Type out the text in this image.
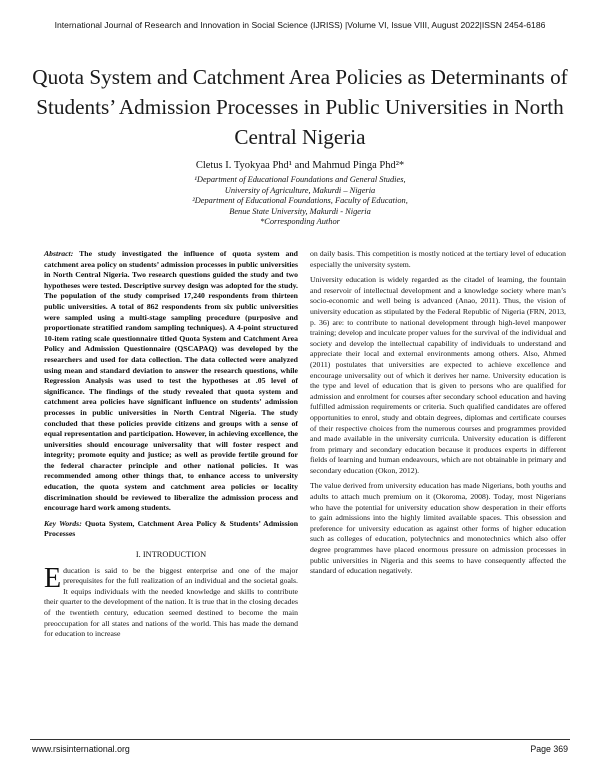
International Journal of Research and Innovation in Social Science (IJRISS) |Volume VI, Issue VIII, August 2022|ISSN 2454-6186
Quota System and Catchment Area Policies as Determinants of Students’ Admission Processes in Public Universities in North Central Nigeria
Cletus I. Tyokyaa Phd¹ and Mahmud Pinga Phd²*
¹Department of Educational Foundations and General Studies,
University of Agriculture, Makurdi – Nigeria
²Department of Educational Foundations, Faculty of Education,
Benue State University, Makurdi - Nigeria
*Corresponding Author

Abstract: The study investigated the influence of quota system and catchment area policy on students’ admission processes in public universities in North Central Nigeria. Two research questions guided the study and two hypotheses were tested. Descriptive survey design was adopted for the study. The population of the study comprised 17,240 respondents from thirteen public universities. A total of 862 respondents from six public universities were sampled using a multi-stage sampling procedure (purposive and proportionate stratified random sampling techniques). A 4-point structured 10-item rating scale questionnaire titled Quota System and Catchment Area Policy and Admission Questionnaire (QSCAPAQ) was developed by the researchers and used for data collection. The data collected were analyzed using mean and standard deviation to answer the research questions, while Regression Analysis was used to test the hypotheses at .05 level of significance. The findings of the study revealed that quota system and catchment area policies have significant influence on students’ admission processes in public universities in North Central Nigeria. The study concluded that these policies provide citizens and groups with a sense of equal representation and participation. However, in achieving excellence, the universities should encourage universality that will foster respect and integrity; promote equity and justice; as well as provide fertile ground for the federal character principle and other national policies. It was recommended among other things that, to enhance access to university education, the quota system and catchment area policies or locality discrimination should be reviewed to liberalize the admission process and encourage hard work among students.

Key Words: Quota System, Catchment Area Policy & Students’ Admission Processes

I. INTRODUCTION

Education is said to be the biggest enterprise and one of the major prerequisites for the full realization of an individual and the societal goals. It equips individuals with the needed knowledge and skills to contribute their quarter to the development of the nation. It is true that in the closing decades of the twentieth century, education seemed destined to become the main preoccupation for all states and nations of the world. This has made the demand for education to increase

on daily basis. This competition is mostly noticed at the tertiary level of education especially the university system.

University education is widely regarded as the citadel of learning, the fountain and reservoir of intellectual development and a knowledge society where man’s socio-economic and well being is advanced (Anao, 2011). Thus, the vision of university education as stipulated by the Federal Republic of Nigeria (FRN, 2013, p. 36) are: to contribute to national development through high-level manpower training; develop and inculcate proper values for the survival of the individual and society and develop the intellectual capability of individuals to understand and appreciate their local and external environments among others. Also, Ahmed (2011) postulates that universities are expected to achieve excellence and encourage universality out of which it derives her name. University education is the type and level of education that is given to persons who are qualified for admission and enrolment for courses after secondary school education and having fulfilled admission requirements or criteria. Such qualified candidates are offered opportunities to enrol, study and obtain degrees, diplomas and certificate courses of their respective choices from the numerous courses and programmes provided and made available in the university curricula. University education is different from primary and secondary education because it produces experts in different fields of learning and human endeavours, which are not obtainable in primary and secondary education (Okon, 2012).

The value derived from university education has made Nigerians, both youths and adults to attach much premium on it (Okoroma, 2008). Today, most Nigerians who have the potential for university education show desperation in their efforts to gain admissions into the highly limited available spaces. This obsession and preference for university education as against other forms of higher education such as colleges of education, polytechnics and monotechnics which also offer degree programmes have placed enormous pressure on admission processes in public universities in Nigeria and this seems to have consequently affected the standard of education negatively.

www.rsisinternational.org	Page 369
